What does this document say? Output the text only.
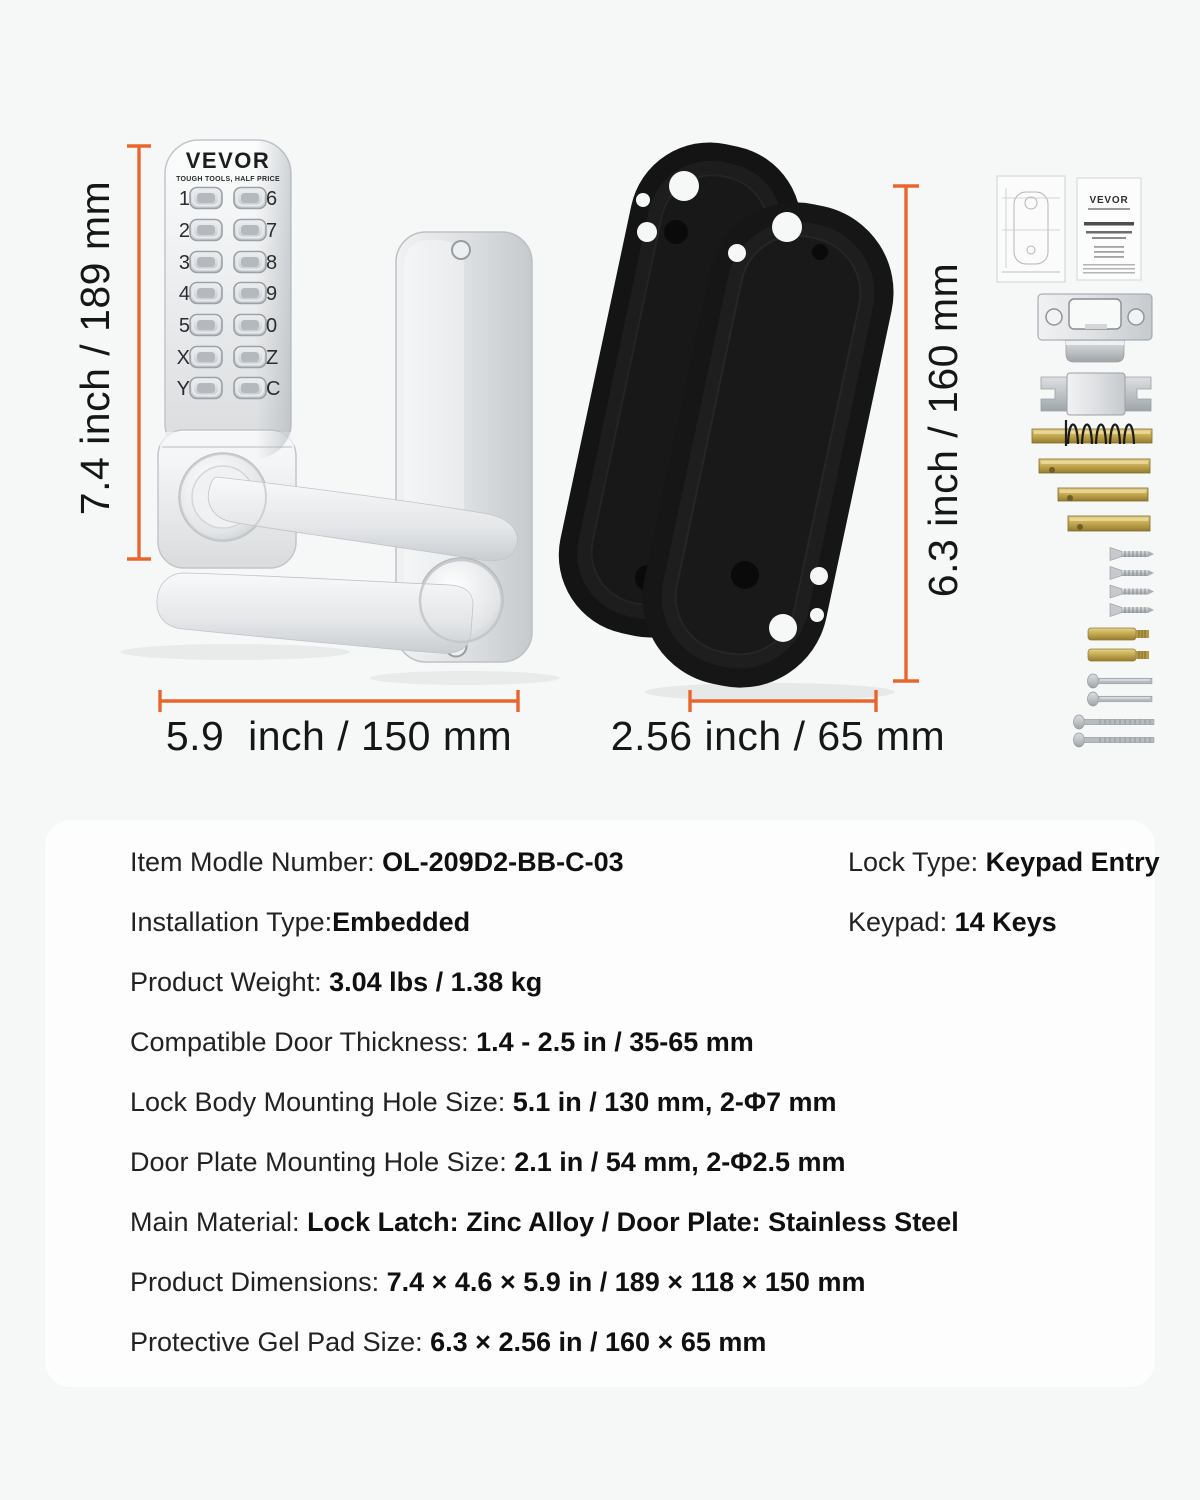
VEVOR
TOUGH TOOLS, HALF PRICE
1	6
2	7
3	8
4	9
5	0
X	Z
Y	C
VEVOR
7.4 inch / 189 mm
5.9  inch / 150 mm
6.3 inch / 160 mm
2.56 inch / 65 mm
Item Modle Number: OL-209D2-BB-C-03	Lock Type: Keypad Entry
Installation Type:Embedded	Keypad: 14 Keys
Product Weight: 3.04 lbs / 1.38 kg
Compatible Door Thickness: 1.4 - 2.5 in / 35-65 mm
Lock Body Mounting Hole Size: 5.1 in / 130 mm, 2-Φ7 mm
Door Plate Mounting Hole Size: 2.1 in / 54 mm, 2-Φ2.5 mm
Main Material: Lock Latch: Zinc Alloy / Door Plate: Stainless Steel
Product Dimensions: 7.4 × 4.6 × 5.9 in / 189 × 118 × 150 mm
Protective Gel Pad Size: 6.3 × 2.56 in / 160 × 65 mm
